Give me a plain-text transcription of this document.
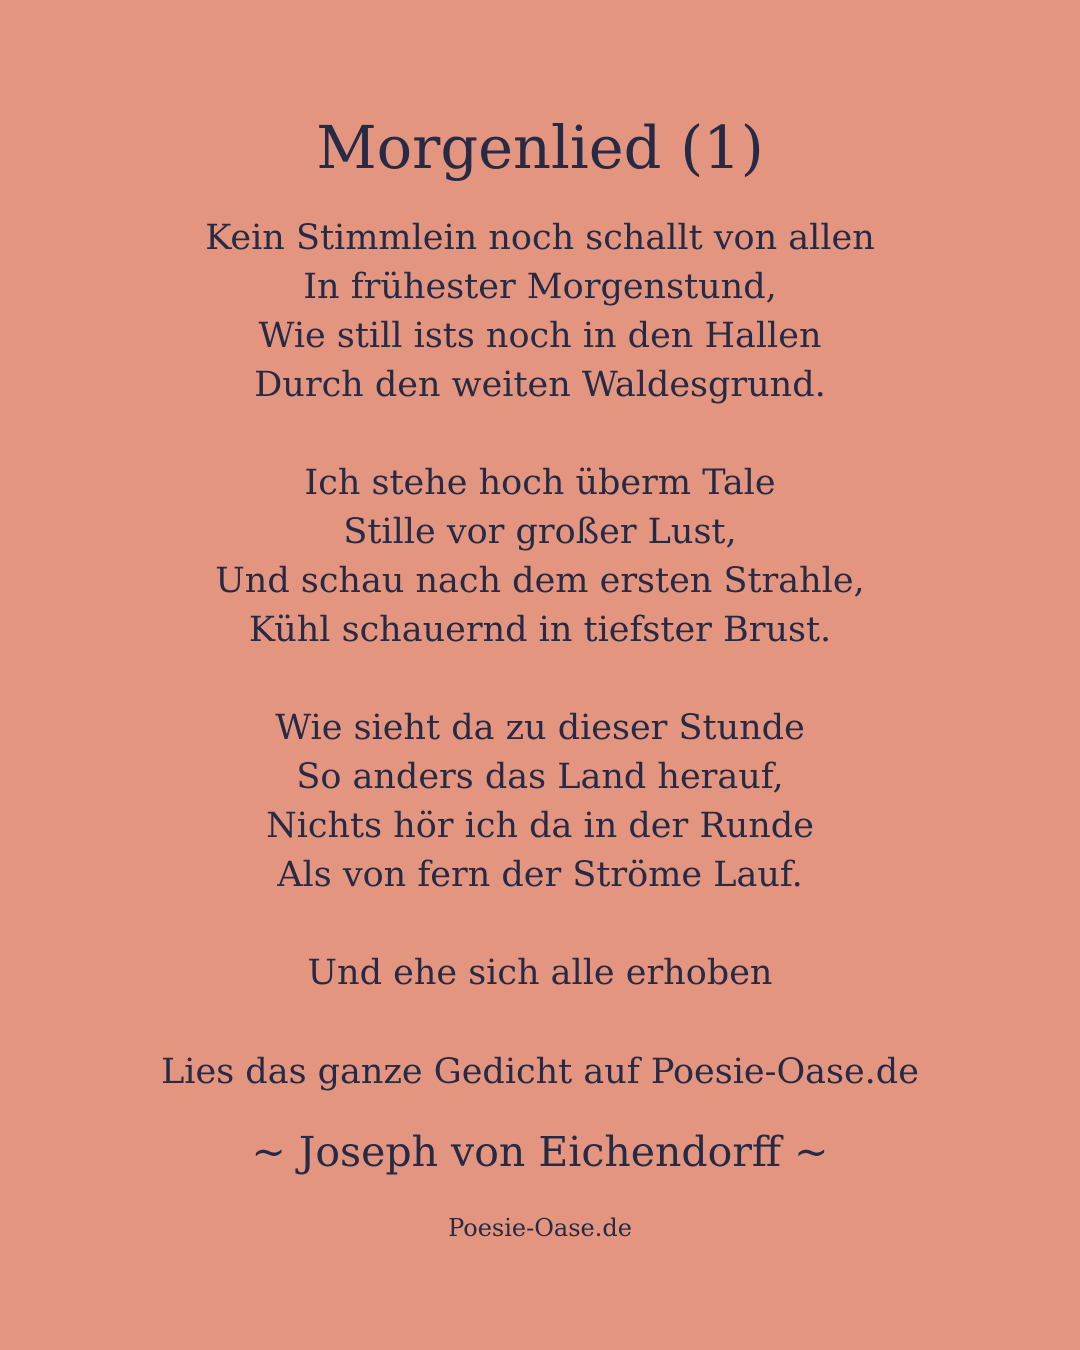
Morgenlied (1)
Kein Stimmlein noch schallt von allen
In frühester Morgenstund,
Wie still ists noch in den Hallen
Durch den weiten Waldesgrund.
Ich stehe hoch überm Tale
Stille vor großer Lust,
Und schau nach dem ersten Strahle,
Kühl schauernd in tiefster Brust.
Wie sieht da zu dieser Stunde
So anders das Land herauf,
Nichts hör ich da in der Runde
Als von fern der Ströme Lauf.
Und ehe sich alle erhoben
Lies das ganze Gedicht auf Poesie-Oase.de
~ Joseph von Eichendorff ~
Poesie-Oase.de
